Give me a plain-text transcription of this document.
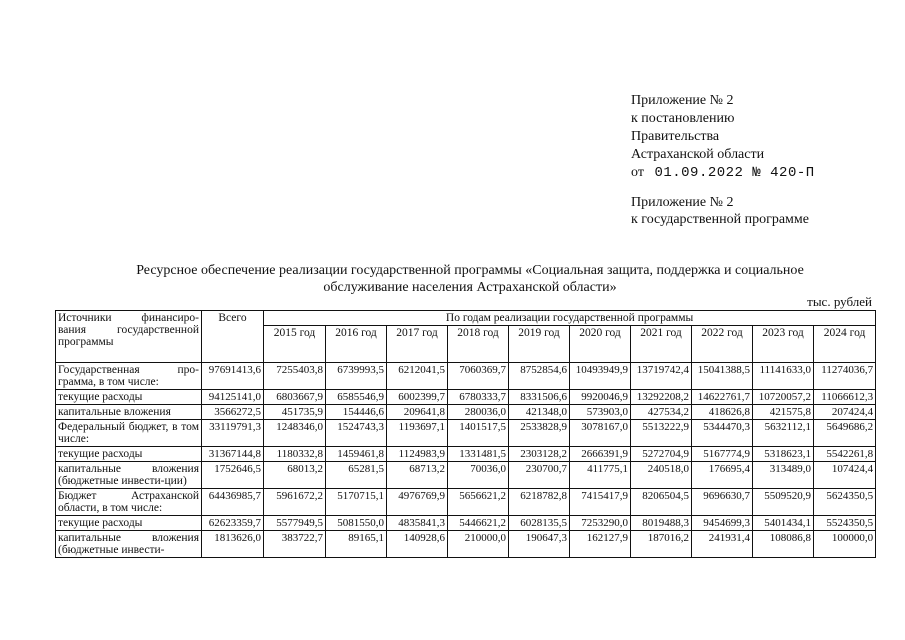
Приложение № 2
к постановлению
Правительства
Астраханской области
от 01.09.2022 № 420-П
Приложение № 2
к государственной программе
Ресурсное обеспечение реализации государственной программы «Социальная защита, поддержка и социальное
обслуживание населения Астраханской области»
тыс. рублей
Источники финансиро-вания государственной программы	Всего	По годам реализации государственной программы									
		2015 год	2016 год	2017 год	2018 год	2019 год	2020 год	2021 год	2022 год	2023 год	2024 год
Государственная про-грамма, в том числе:	97691413,6	7255403,8	6739993,5	6212041,5	7060369,7	8752854,6	10493949,9	13719742,4	15041388,5	11141633,0	11274036,7
текущие расходы	94125141,0	6803667,9	6585546,9	6002399,7	6780333,7	8331506,6	9920046,9	13292208,2	14622761,7	10720057,2	11066612,3
капитальные вложения	3566272,5	451735,9	154446,6	209641,8	280036,0	421348,0	573903,0	427534,2	418626,8	421575,8	207424,4
Федеральный бюджет, в том числе:	33119791,3	1248346,0	1524743,3	1193697,1	1401517,5	2533828,9	3078167,0	5513222,9	5344470,3	5632112,1	5649686,2
текущие расходы	31367144,8	1180332,8	1459461,8	1124983,9	1331481,5	2303128,2	2666391,9	5272704,9	5167774,9	5318623,1	5542261,8
капитальные вложения (бюджетные инвести-ции)	1752646,5	68013,2	65281,5	68713,2	70036,0	230700,7	411775,1	240518,0	176695,4	313489,0	107424,4
Бюджет Астраханской области, в том числе:	64436985,7	5961672,2	5170715,1	4976769,9	5656621,2	6218782,8	7415417,9	8206504,5	9696630,7	5509520,9	5624350,5
текущие расходы	62623359,7	5577949,5	5081550,0	4835841,3	5446621,2	6028135,5	7253290,0	8019488,3	9454699,3	5401434,1	5524350,5
капитальные вложения (бюджетные инвести-	1813626,0	383722,7	89165,1	140928,6	210000,0	190647,3	162127,9	187016,2	241931,4	108086,8	100000,0
